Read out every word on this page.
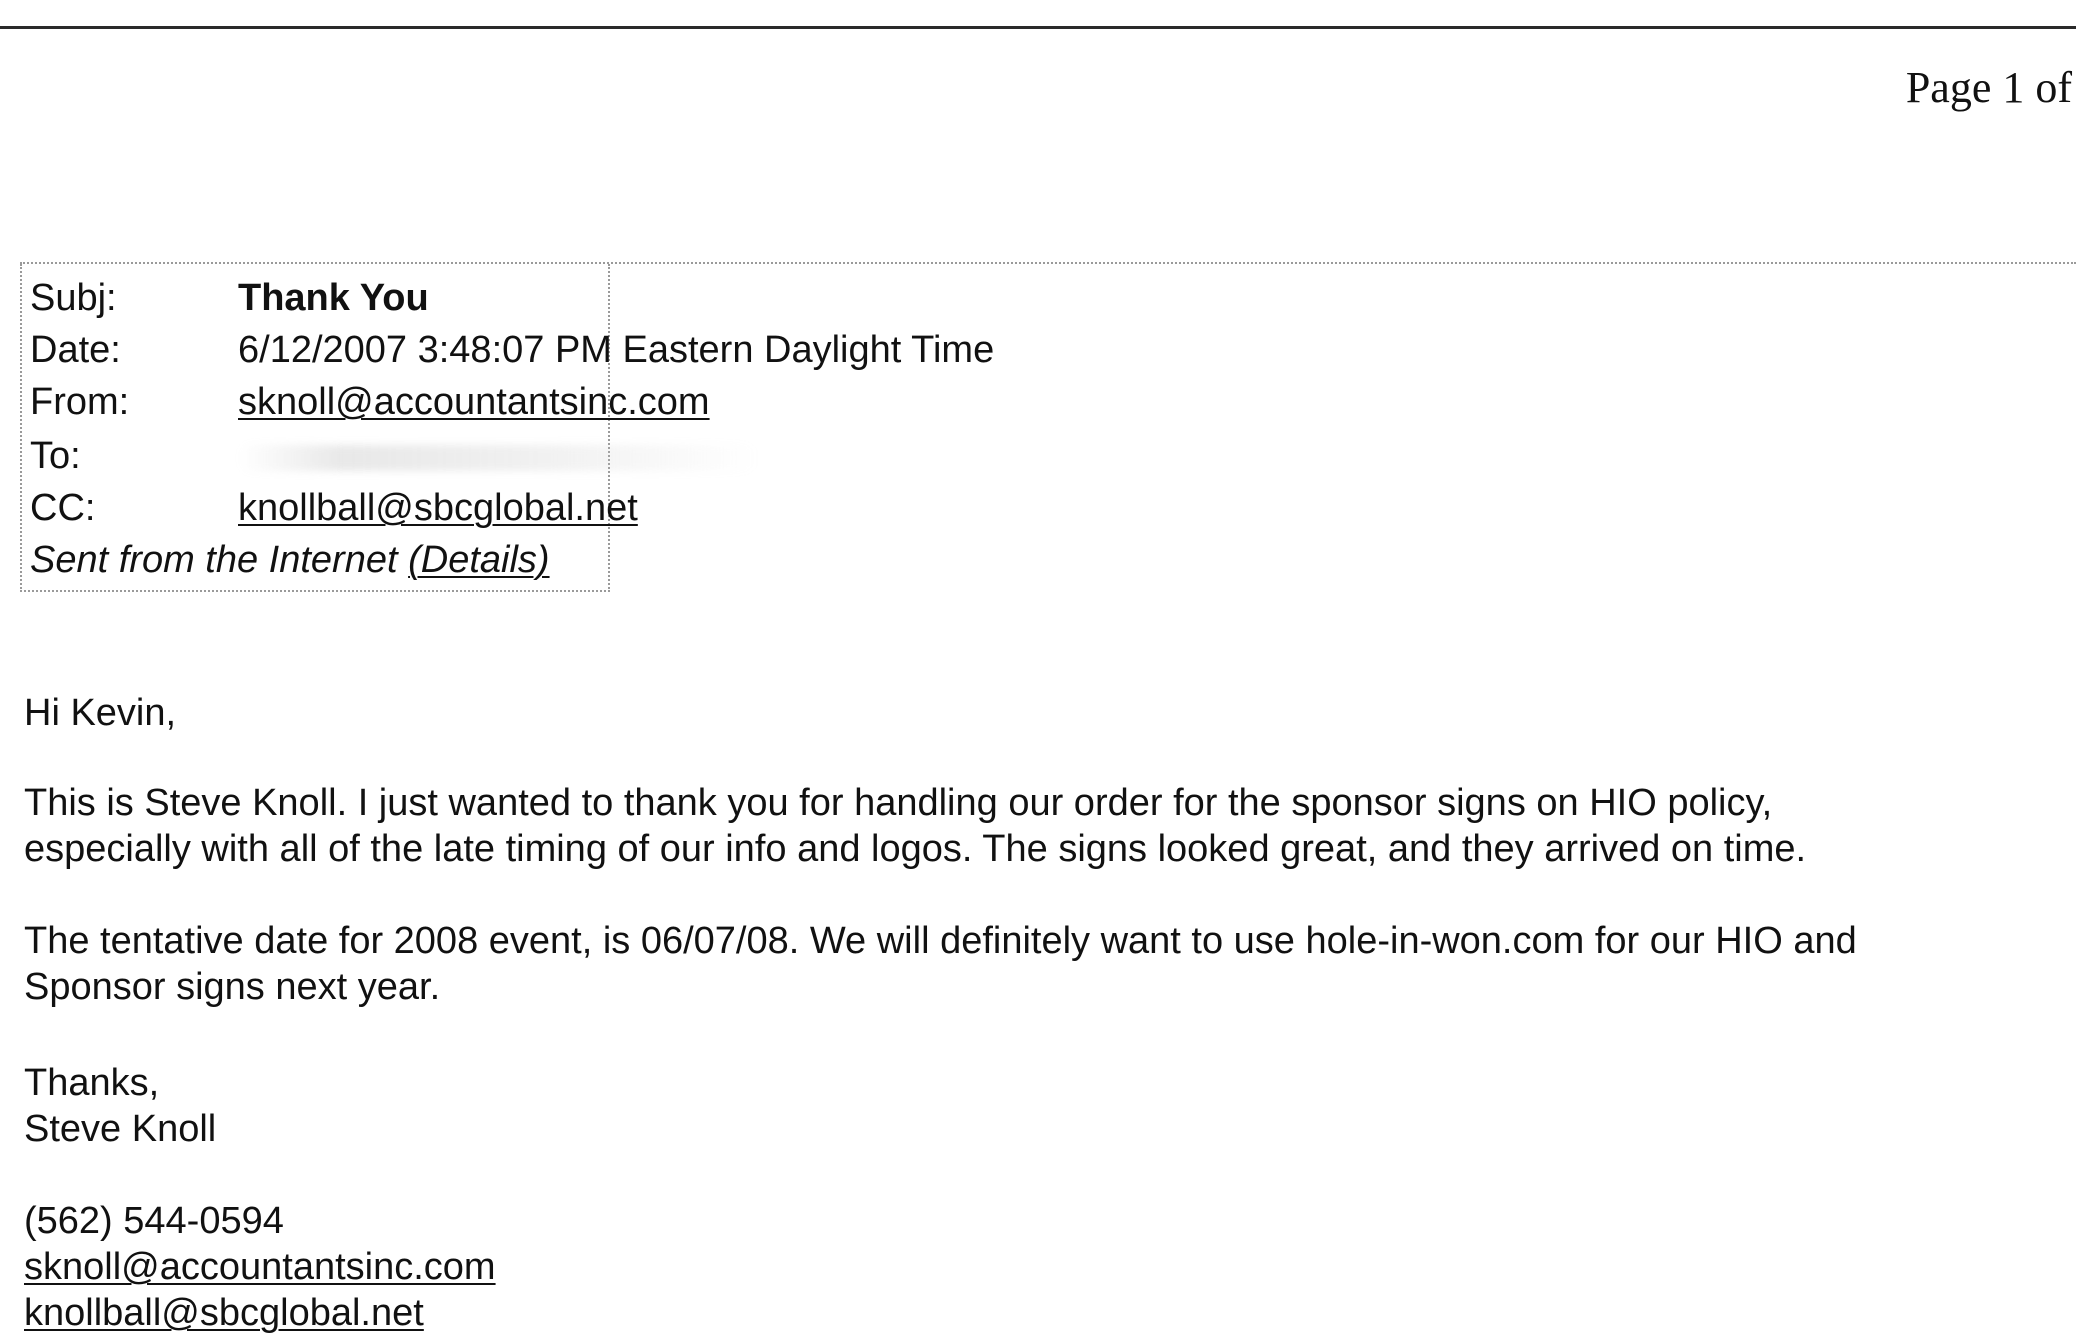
Page 1 of
Subj:	Thank You
Date:	6/12/2007 3:48:07 PM Eastern Daylight Time
From:	sknoll@accountantsinc.com
To:
CC:	knollball@sbcglobal.net
Sent from the Internet (Details)
Hi Kevin,
This is Steve Knoll. I just wanted to thank you for handling our order for the sponsor signs on HIO policy,
especially with all of the late timing of our info and logos. The signs looked great, and they arrived on time.
The tentative date for 2008 event, is 06/07/08. We will definitely want to use hole-in-won.com for our HIO and
Sponsor signs next year.
Thanks,
Steve Knoll
(562) 544-0594
sknoll@accountantsinc.com
knollball@sbcglobal.net
